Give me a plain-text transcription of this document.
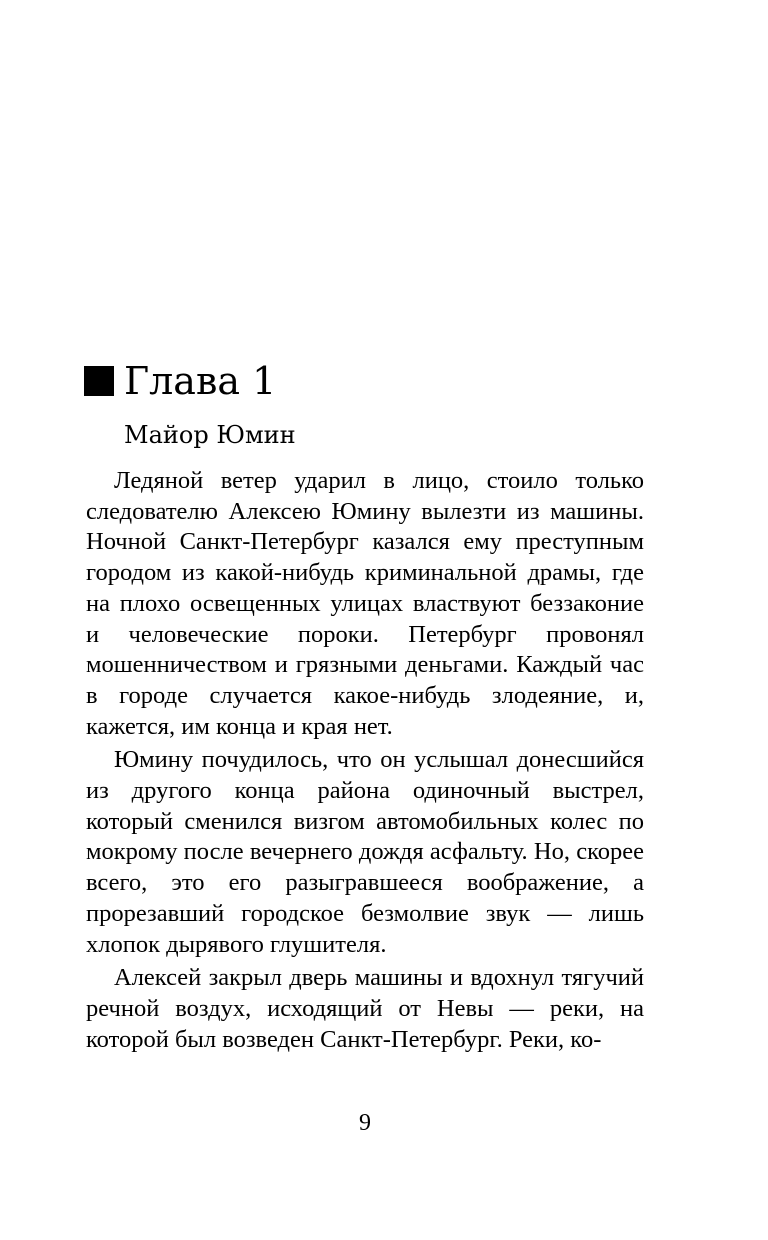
Глава 1
Майор Юмин

Ледяной ветер ударил в лицо, стоило только следователю Алексею Юмину вылезти из машины. Ночной Санкт-Петербург казался ему преступным городом из какой-нибудь криминальной драмы, где на плохо освещенных улицах властвуют беззаконие и человеческие пороки. Петербург провонял мошенничеством и грязными деньгами. Каждый час в городе случается какое-нибудь злодеяние, и, кажется, им конца и края нет.

Юмину почудилось, что он услышал донесшийся из другого конца района одиночный выстрел, который сменился визгом автомобильных колес по мокрому после вечернего дождя асфальту. Но, скорее всего, это его разыгравшееся воображение, а прорезавший городское безмолвие звук — лишь хлопок дырявого глушителя.

Алексей закрыл дверь машины и вдохнул тягучий речной воздух, исходящий от Невы — реки, на которой был возведен Санкт-Петербург. Реки, ко-

9
